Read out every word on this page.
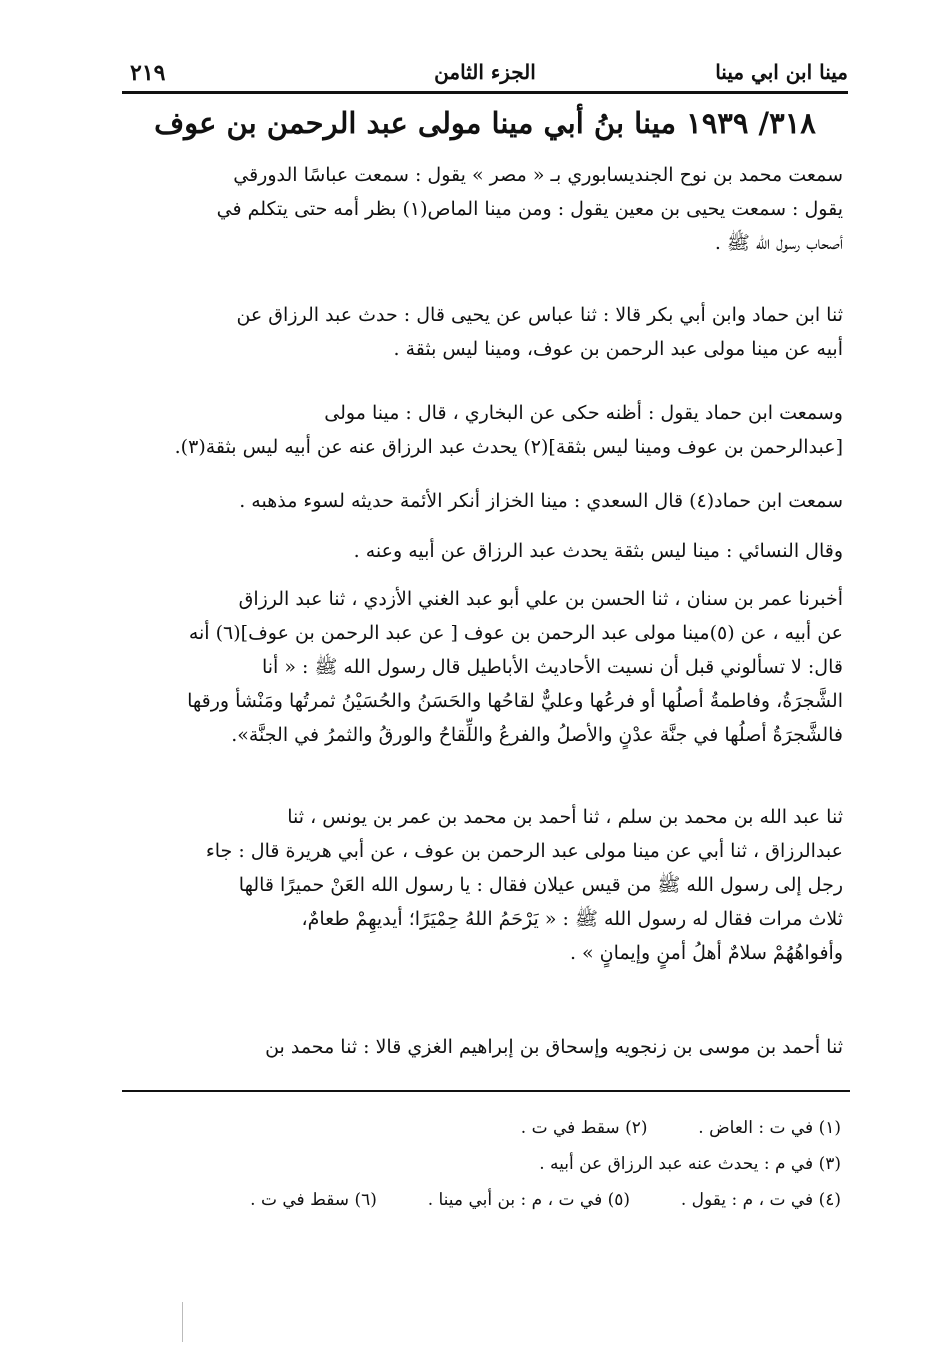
مينا ابن ابي مينا
الجزء الثامن
٢١٩
٣١٨/ ١٩٣٩ مينا بنُ أبي مينا مولى عبد الرحمن بن عوف
سمعت محمد بن نوح الجنديسابوري بـ « مصر » يقول : سمعت عباسًا الدورقي
يقول : سمعت يحيى بن معين يقول : ومن مينا الماص(١) بظر أمه حتى يتكلم في
أصحاب رسول الله ﷺ .
ثنا ابن حماد وابن أبي بكر قالا : ثنا عباس عن يحيى قال : حدث عبد الرزاق عن
أبيه عن مينا مولى عبد الرحمن بن عوف، ومينا ليس بثقة .
وسمعت ابن حماد يقول : أظنه حكى عن البخاري ، قال : مينا مولى
[عبدالرحمن بن عوف ومينا ليس بثقة](٢) يحدث عبد الرزاق عنه عن أبيه ليس بثقة(٣).
سمعت ابن حماد(٤) قال السعدي : مينا الخزاز أنكر الأئمة حديثه لسوء مذهبه .
وقال النسائي : مينا ليس بثقة يحدث عبد الرزاق عن أبيه وعنه .
أخبرنا عمر بن سنان ، ثنا الحسن بن علي أبو عبد الغني الأزدي ، ثنا عبد الرزاق
عن أبيه ، عن (٥)مينا مولى عبد الرحمن بن عوف [ عن عبد الرحمن بن عوف](٦) أنه
قال: لا تسألوني قبل أن نسيت الأحاديث الأباطيل قال رسول الله ﷺ : « أنا
الشَّجرَةُ، وفاطمةُ أصلُها أو فرعُها وعليٌّ لقاحُها والحَسَنُ والحُسَيْنُ ثمرتُها ومَنْشأ ورقها
فالشَّجرَةُ أصلُها في جنَّة عدْنٍ والأصلُ والفرعُ واللِّقاحُ والورقُ والثمرُ في الجنَّة».
ثنا عبد الله بن محمد بن سلم ، ثنا أحمد بن محمد بن عمر بن يونس ، ثنا
عبدالرزاق ، ثنا أبي عن مينا مولى عبد الرحمن بن عوف ، عن أبي هريرة قال : جاء
رجل إلى رسول الله ﷺ من قيس عيلان فقال : يا رسول الله العَنْ حميرًا قالها
ثلاث مرات فقال له رسول الله ﷺ : « يَرْحَمُ اللهُ حِمْيَرًا؛ أيديهِمْ طعامٌ،
وأفواهُهُمْ سلامٌ أهلُ أمنٍ وإيمانٍ » .
ثنا أحمد بن موسى بن زنجويه وإسحاق بن إبراهيم الغزي قالا : ثنا محمد بن
(١) في ت : العاض .  (٢) سقط في ت .
(٣) في م : يحدث عنه عبد الرزاق عن أبيه .
(٤) في ت ، م : يقول .  (٥) في ت ، م : بن أبي مينا .  (٦) سقط في ت .
